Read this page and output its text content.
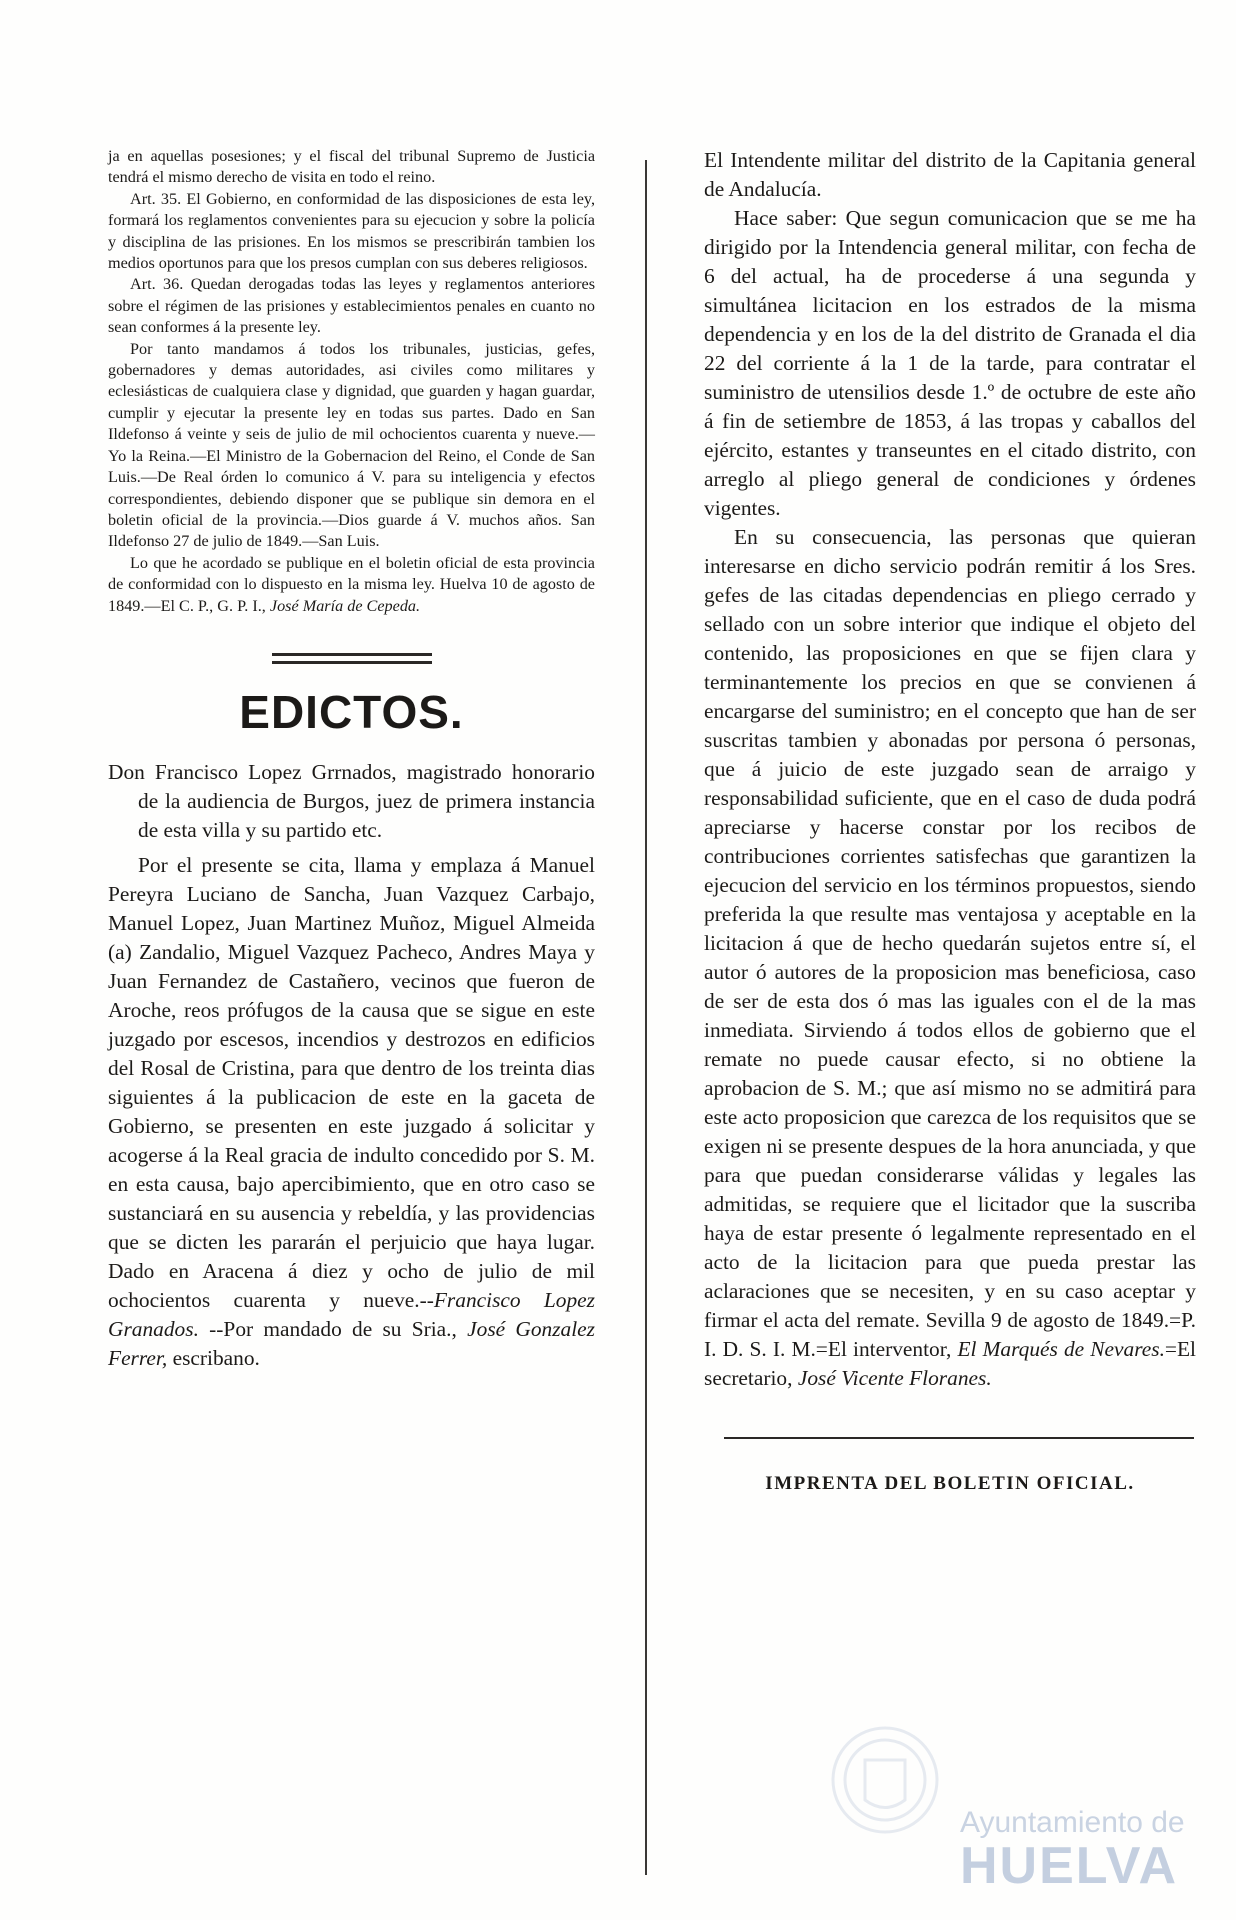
ja en aquellas posesiones; y el fiscal del tribunal Supremo de Justicia tendrá el mismo derecho de visita en todo el reino.

Art. 35. El Gobierno, en conformidad de las disposiciones de esta ley, formará los reglamentos convenientes para su ejecucion y sobre la policía y disciplina de las prisiones. En los mismos se prescribirán tambien los medios oportunos para que los presos cumplan con sus deberes religiosos.

Art. 36. Quedan derogadas todas las leyes y reglamentos anteriores sobre el régimen de las prisiones y establecimientos penales en cuanto no sean conformes á la presente ley.

Por tanto mandamos á todos los tribunales, justicias, gefes, gobernadores y demas autoridades, asi civiles como militares y eclesiásticas de cualquiera clase y dignidad, que guarden y hagan guardar, cumplir y ejecutar la presente ley en todas sus partes. Dado en San Ildefonso á veinte y seis de julio de mil ochocientos cuarenta y nueve.—Yo la Reina.—El Ministro de la Gobernacion del Reino, el Conde de San Luis.—De Real órden lo comunico á V. para su inteligencia y efectos correspondientes, debiendo disponer que se publique sin demora en el boletin oficial de la provincia.—Dios guarde á V. muchos años. San Ildefonso 27 de julio de 1849.—San Luis.

Lo que he acordado se publique en el boletin oficial de esta provincia de conformidad con lo dispuesto en la misma ley. Huelva 10 de agosto de 1849.—El C. P., G. P. I., José María de Cepeda.

EDICTOS.

Don Francisco Lopez Grrnados, magistrado honorario de la audiencia de Burgos, juez de primera instancia de esta villa y su partido etc.

Por el presente se cita, llama y emplaza á Manuel Pereyra Luciano de Sancha, Juan Vazquez Carbajo, Manuel Lopez, Juan Martinez Muñoz, Miguel Almeida (a) Zandalio, Miguel Vazquez Pacheco, Andres Maya y Juan Fernandez de Castañero, vecinos que fueron de Aroche, reos prófugos de la causa que se sigue en este juzgado por escesos, incendios y destrozos en edificios del Rosal de Cristina, para que dentro de los treinta dias siguientes á la publicacion de este en la gaceta de Gobierno, se presenten en este juzgado á solicitar y acogerse á la Real gracia de indulto concedido por S. M. en esta causa, bajo apercibimiento, que en otro caso se sustanciará en su ausencia y rebeldía, y las providencias que se dicten les pararán el perjuicio que haya lugar. Dado en Aracena á diez y ocho de julio de mil ochocientos cuarenta y nueve.--Francisco Lopez Granados. --Por mandado de su Sria., José Gonzalez Ferrer, escribano.

El Intendente militar del distrito de la Capitania general de Andalucía.

Hace saber: Que segun comunicacion que se me ha dirigido por la Intendencia general militar, con fecha de 6 del actual, ha de procederse á una segunda y simultánea licitacion en los estrados de la misma dependencia y en los de la del distrito de Granada el dia 22 del corriente á la 1 de la tarde, para contratar el suministro de utensilios desde 1.º de octubre de este año á fin de setiembre de 1853, á las tropas y caballos del ejército, estantes y transeuntes en el citado distrito, con arreglo al pliego general de condiciones y órdenes vigentes.

En su consecuencia, las personas que quieran interesarse en dicho servicio podrán remitir á los Sres. gefes de las citadas dependencias en pliego cerrado y sellado con un sobre interior que indique el objeto del contenido, las proposiciones en que se fijen clara y terminantemente los precios en que se convienen á encargarse del suministro; en el concepto que han de ser suscritas tambien y abonadas por persona ó personas, que á juicio de este juzgado sean de arraigo y responsabilidad suficiente, que en el caso de duda podrá apreciarse y hacerse constar por los recibos de contribuciones corrientes satisfechas que garantizen la ejecucion del servicio en los términos propuestos, siendo preferida la que resulte mas ventajosa y aceptable en la licitacion á que de hecho quedarán sujetos entre sí, el autor ó autores de la proposicion mas beneficiosa, caso de ser de esta dos ó mas las iguales con el de la mas inmediata. Sirviendo á todos ellos de gobierno que el remate no puede causar efecto, si no obtiene la aprobacion de S. M.; que así mismo no se admitirá para este acto proposicion que carezca de los requisitos que se exigen ni se presente despues de la hora anunciada, y que para que puedan considerarse válidas y legales las admitidas, se requiere que el licitador que la suscriba haya de estar presente ó legalmente representado en el acto de la licitacion para que pueda prestar las aclaraciones que se necesiten, y en su caso aceptar y firmar el acta del remate. Sevilla 9 de agosto de 1849.=P. I. D. S. I. M.=El interventor, El Marqués de Nevares.=El secretario, José Vicente Floranes.

IMPRENTA DEL BOLETIN OFICIAL.
Ayuntamiento de
HUELVA
